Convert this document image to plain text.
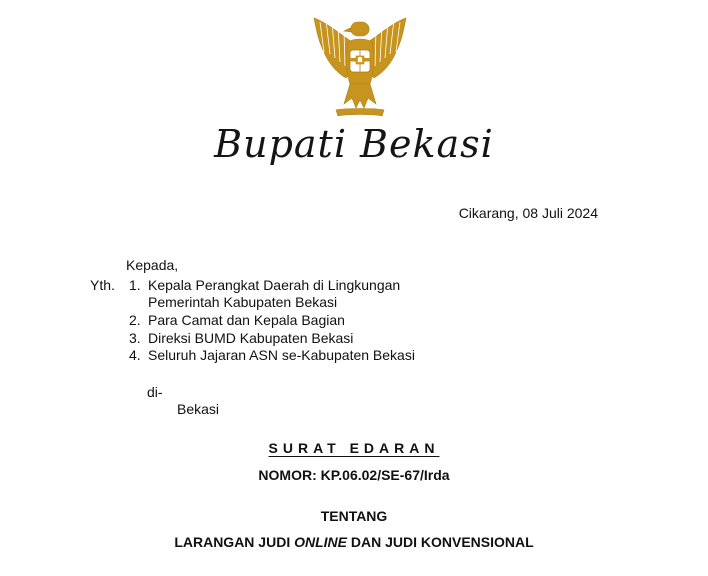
Bupati Bekasi
Cikarang, 08 Juli 2024
Kepada,
Yth. 1. Kepala Perangkat Daerah di Lingkungan
Pemerintah Kabupaten Bekasi
2. Para Camat dan Kepala Bagian
3. Direksi BUMD Kabupaten Bekasi
4. Seluruh Jajaran ASN se-Kabupaten Bekasi
di-
Bekasi
SURAT EDARAN
NOMOR: KP.06.02/SE-67/Irda
TENTANG
LARANGAN JUDI ONLINE DAN JUDI KONVENSIONAL
